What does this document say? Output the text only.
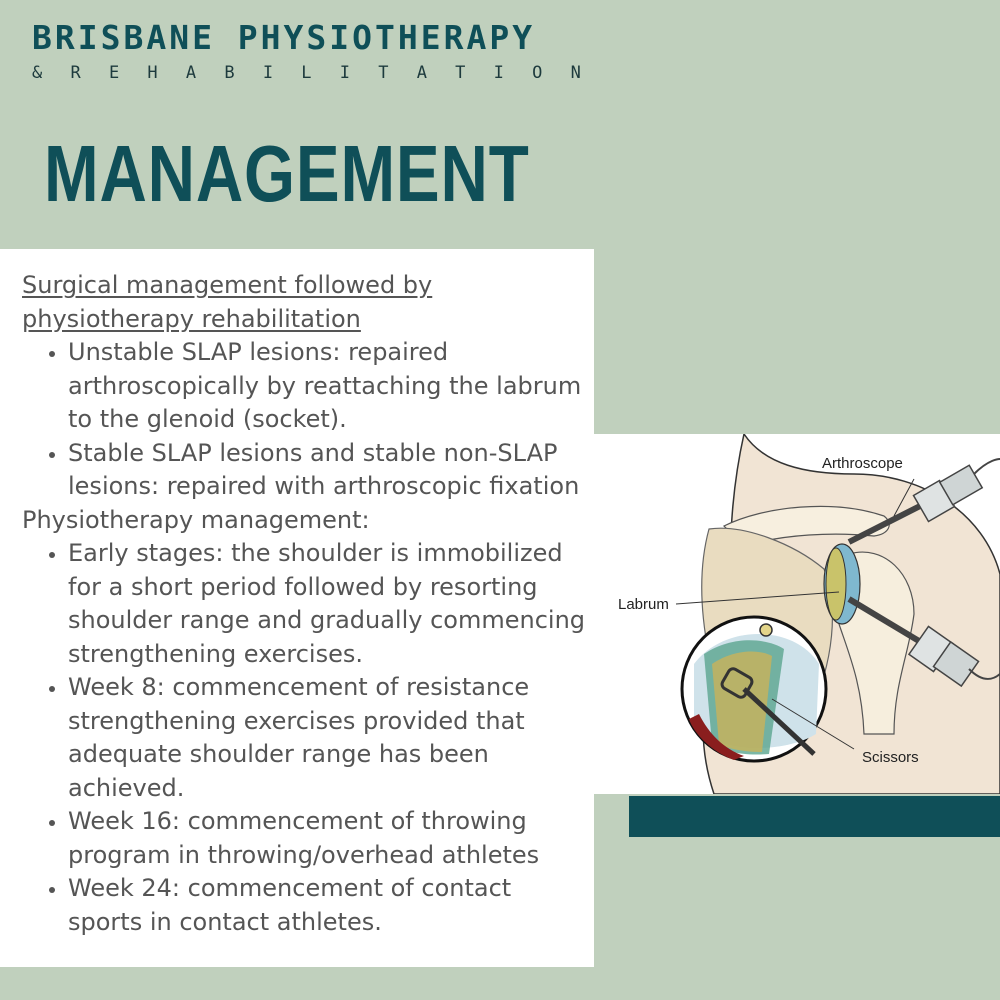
BRISBANE PHYSIOTHERAPY
& R E H A B I L I T A T I O N
MANAGEMENT

Surgical management followed by physiotherapy rehabilitation

• Unstable SLAP lesions: repaired arthroscopically by reattaching the labrum to the glenoid (socket).
• Stable SLAP lesions and stable non-SLAP lesions: repaired with arthroscopic fixation

Physiotherapy management:

• Early stages: the shoulder is immobilized for a short period followed by resorting shoulder range and gradually commencing strengthening exercises.
• Week 8: commencement of resistance strengthening exercises provided that adequate shoulder range has been achieved.
• Week 16: commencement of throwing program in throwing/overhead athletes
• Week 24: commencement of contact sports in contact athletes.
Arthroscope
Labrum
Scissors
